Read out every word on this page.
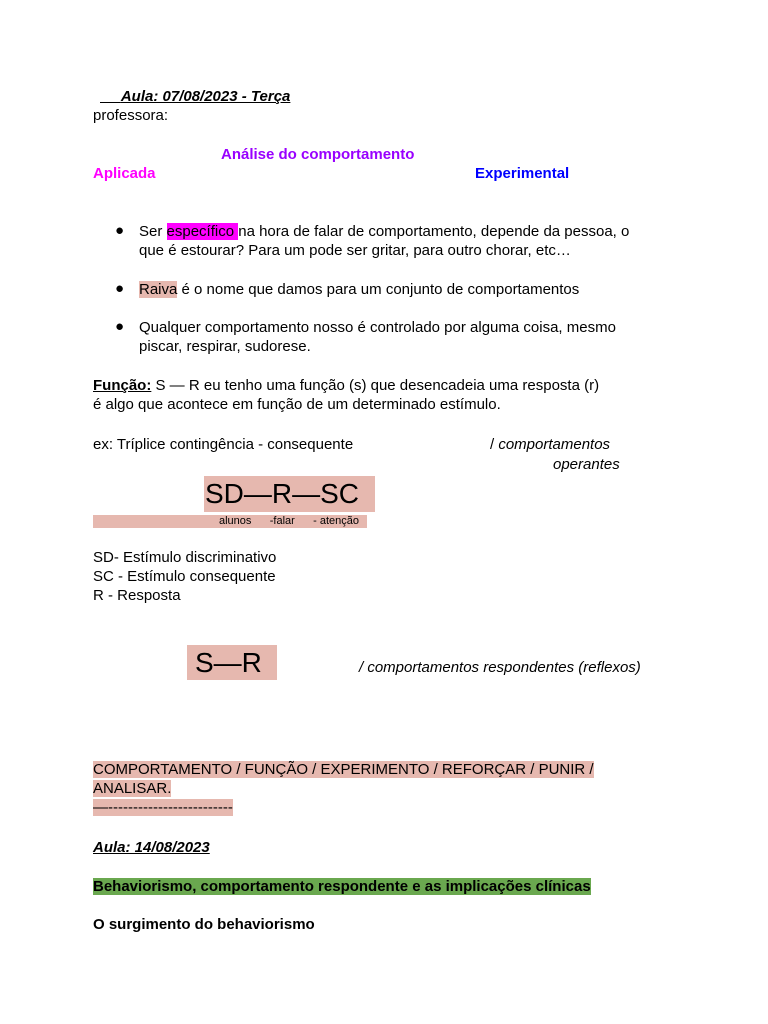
Aula: 07/08/2023 - Terça
professora:
Análise do comportamento
Aplicada	Experimental
● Ser específico na hora de falar de comportamento, depende da pessoa, o
que é estourar? Para um pode ser gritar, para outro chorar, etc…
● Raiva é o nome que damos para um conjunto de comportamentos
● Qualquer comportamento nosso é controlado por alguma coisa, mesmo
piscar, respirar, sudorese.
Função: S — R eu tenho uma função (s) que desencadeia uma resposta (r)
é algo que acontece em função de um determinado estímulo.
ex: Tríplice contingência - consequente	/ comportamentos
operantes
SD—R—SC
alunos      -falar      - atenção
SD- Estímulo discriminativo
SC - Estímulo consequente
R - Resposta
S—R	/ comportamentos respondentes (reflexos)
COMPORTAMENTO / FUNÇÃO / EXPERIMENTO / REFORÇAR / PUNIR /
ANALISAR.
—-------------------------
Aula: 14/08/2023
Behaviorismo, comportamento respondente e as implicações clínicas
O surgimento do behaviorismo
